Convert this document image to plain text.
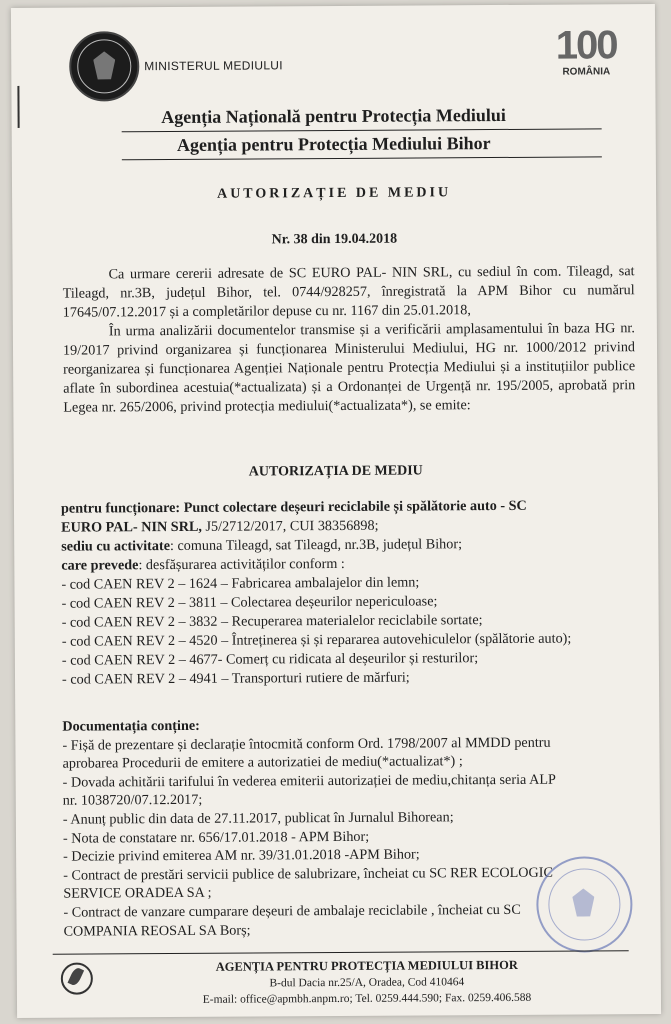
MINISTERUL MEDIULUI	100
ROMÂNIA
Agenția Națională pentru Protecția Mediului
Agenția pentru Protecția Mediului Bihor
AUTORIZAȚIE DE MEDIU
Nr. 38 din 19.04.2018

Ca urmare cererii adresate de SC EURO PAL- NIN SRL, cu sediul în com. Tileagd, sat Tileagd, nr.3B, județul Bihor, tel. 0744/928257, înregistrată la APM Bihor cu numărul 17645/07.12.2017 și a completărilor depuse cu nr. 1167 din 25.01.2018,

În urma analizării documentelor transmise și a verificării amplasamentului în baza HG nr. 19/2017 privind organizarea și funcționarea Ministerului Mediului, HG nr. 1000/2012 privind reorganizarea și funcționarea Agenției Naționale pentru Protecția Mediului și a instituțiilor publice aflate în subordinea acestuia(*actualizata) și a Ordonanței de Urgență nr. 195/2005, aprobată prin Legea nr. 265/2006, privind protecția mediului(*actualizata*), se emite:

AUTORIZAȚIA DE MEDIU
pentru funcționare: Punct colectare deșeuri reciclabile și spălătorie auto - SC
EURO PAL- NIN SRL, J5/2712/2017, CUI 38356898;
sediu cu activitate: comuna Tileagd, sat Tileagd, nr.3B, județul Bihor;
care prevede: desfășurarea activităților conform :
- cod CAEN REV 2 – 1624 – Fabricarea ambalajelor din lemn;
- cod CAEN REV 2 – 3811 – Colectarea deșeurilor nepericuloase;
- cod CAEN REV 2 – 3832 – Recuperarea materialelor reciclabile sortate;
- cod CAEN REV 2 – 4520 – Întreținerea și și repararea autovehiculelor (spălătorie auto);
- cod CAEN REV 2 – 4677- Comerț cu ridicata al deșeurilor și resturilor;
- cod CAEN REV 2 – 4941 – Transporturi rutiere de mărfuri;
Documentația conține:
- Fișă de prezentare și declarație întocmită conform Ord. 1798/2007 al MMDD pentru
aprobarea Procedurii de emitere a autorizatiei de mediu(*actualizat*) ;
- Dovada achitării tarifului în vederea emiterii autorizației de mediu,chitanța seria ALP
nr. 1038720/07.12.2017;
- Anunț public din data de 27.11.2017, publicat în Jurnalul Bihorean;
- Nota de constatare nr. 656/17.01.2018 - APM Bihor;
- Decizie privind emiterea AM nr. 39/31.01.2018 -APM Bihor;
- Contract de prestări servicii publice de salubrizare, încheiat cu SC RER ECOLOGIC
SERVICE ORADEA SA ;
- Contract de vanzare cumparare deșeuri de ambalaje reciclabile , încheiat cu SC
COMPANIA REOSAL SA Borș;
AGENȚIA PENTRU PROTECȚIA MEDIULUI BIHOR
B-dul Dacia nr.25/A, Oradea, Cod 410464
E-mail: office@apmbh.anpm.ro; Tel. 0259.444.590; Fax. 0259.406.588
